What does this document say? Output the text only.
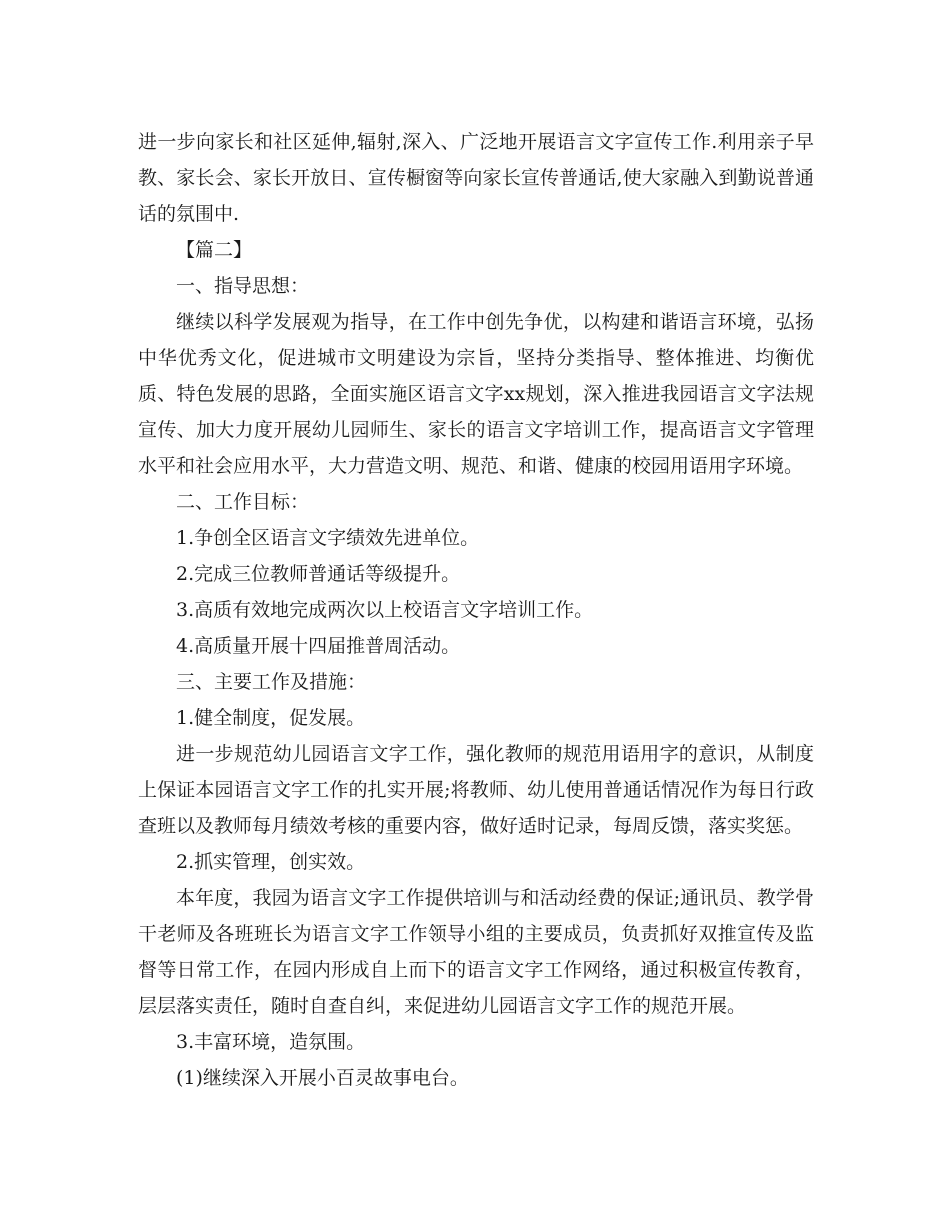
进一步向家长和社区延伸,辐射,深入、广泛地开展语言文字宣传工作.利用亲子早教、家长会、家长开放日、宣传橱窗等向家长宣传普通话,使大家融入到勤说普通话的氛围中.

【篇二】

一、指导思想：

继续以科学发展观为指导，在工作中创先争优，以构建和谐语言环境，弘扬中华优秀文化，促进城市文明建设为宗旨，坚持分类指导、整体推进、均衡优质、特色发展的思路，全面实施区语言文字xx规划，深入推进我园语言文字法规宣传、加大力度开展幼儿园师生、家长的语言文字培训工作，提高语言文字管理水平和社会应用水平，大力营造文明、规范、和谐、健康的校园用语用字环境。

二、工作目标：

1.争创全区语言文字绩效先进单位。

2.完成三位教师普通话等级提升。

3.高质有效地完成两次以上校语言文字培训工作。

4.高质量开展十四届推普周活动。

三、主要工作及措施：

1.健全制度，促发展。

进一步规范幼儿园语言文字工作，强化教师的规范用语用字的意识，从制度上保证本园语言文字工作的扎实开展;将教师、幼儿使用普通话情况作为每日行政查班以及教师每月绩效考核的重要内容，做好适时记录，每周反馈，落实奖惩。

2.抓实管理，创实效。

本年度，我园为语言文字工作提供培训与和活动经费的保证;通讯员、教学骨干老师及各班班长为语言文字工作领导小组的主要成员，负责抓好双推宣传及监督等日常工作，在园内形成自上而下的语言文字工作网络，通过积极宣传教育，层层落实责任，随时自查自纠，来促进幼儿园语言文字工作的规范开展。

3.丰富环境，造氛围。

(1)继续深入开展小百灵故事电台。
